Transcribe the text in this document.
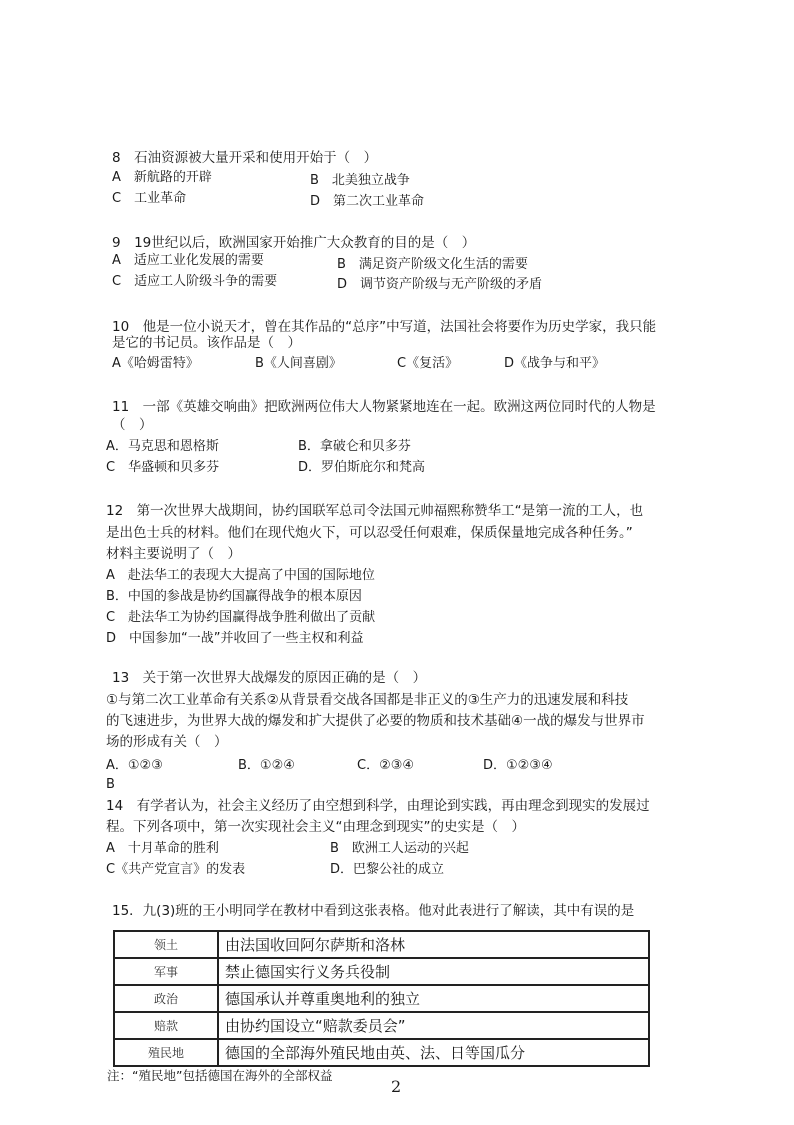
8　石油资源被大量开采和使用开始于（　）
A　新航路的开辟	B　北美独立战争
C　工业革命	D　第二次工业革命
9　19世纪以后，欧洲国家开始推广大众教育的目的是（　）
A　适应工业化发展的需要	B　满足资产阶级文化生活的需要
C　适应工人阶级斗争的需要	D　调节资产阶级与无产阶级的矛盾
10　他是一位小说天才，曾在其作品的“总序”中写道，法国社会将要作为历史学家，我只能
是它的书记员。该作品是（　）
A《哈姆雷特》	B《人间喜剧》	C《复活》	D《战争与和平》
11　一部《英雄交响曲》把欧洲两位伟大人物紧紧地连在一起。欧洲这两位同时代的人物是
（　）
A．马克思和恩格斯	B．拿破仑和贝多芬
C　华盛顿和贝多芬	D．罗伯斯庇尔和梵高
12　第一次世界大战期间，协约国联军总司令法国元帅福熙称赞华工“是第一流的工人，也
是出色士兵的材料。他们在现代炮火下，可以忍受任何艰难，保质保量地完成各种任务。”
材料主要说明了（　）
A　赴法华工的表现大大提高了中国的国际地位
B．中国的参战是协约国赢得战争的根本原因
C　赴法华工为协约国赢得战争胜利做出了贡献
D　中国参加“一战”并收回了一些主权和利益
13　关于第一次世界大战爆发的原因正确的是（　）
①与第二次工业革命有关系②从背景看交战各国都是非正义的③生产力的迅速发展和科技
的飞速进步，为世界大战的爆发和扩大提供了必要的物质和技术基础④一战的爆发与世界市
场的形成有关（　）
A．①②③	B．①②④	C．②③④	D．①②③④
B
14　有学者认为，社会主义经历了由空想到科学，由理论到实践，再由理念到现实的发展过
程。下列各项中，第一次实现社会主义“由理念到现实”的史实是（　）
A　十月革命的胜利	B　欧洲工人运动的兴起
C《共产党宣言》的发表	D．巴黎公社的成立
15．九(3)班的王小明同学在教材中看到这张表格。他对此表进行了解读，其中有误的是
领土	由法国收回阿尔萨斯和洛林
军事	禁止德国实行义务兵役制
政治	德国承认并尊重奥地利的独立
赔款	由协约国设立“赔款委员会”
殖民地	德国的全部海外殖民地由英、法、日等国瓜分
注：“殖民地”包括德国在海外的全部权益
2
